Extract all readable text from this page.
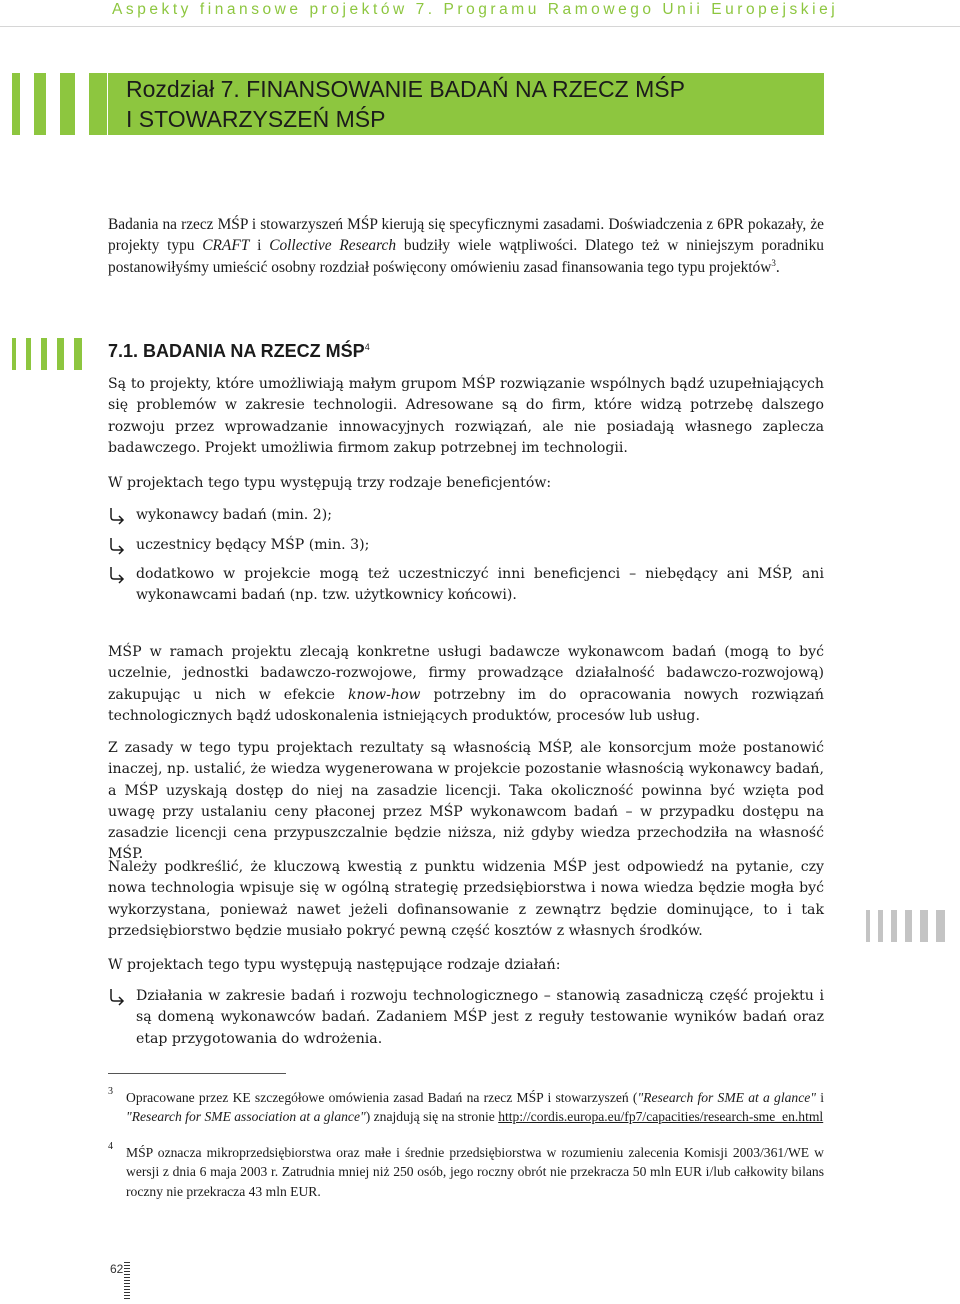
Aspekty finansowe projektów 7. Programu Ramowego Unii Europejskiej
Rozdział 7. FINANSOWANIE BADAŃ NA RZECZ MŚP
I STOWARZYSZEŃ MŚP

Badania na rzecz MŚP i stowarzyszeń MŚP kierują się specyficznymi zasadami. Doświadczenia z 6PR pokazały, że projekty typu CRAFT i Collective Research budziły wiele wątpliwości. Dlatego też w niniejszym poradniku postanowiłyśmy umieścić osobny rozdział poświęcony omówieniu zasad finansowania tego typu projektów$^3$.

7.1. BADANIA NA RZECZ MŚP$^4$

Są to projekty, które umożliwiają małym grupom MŚP rozwiązanie wspólnych bądź uzupełniających się problemów w zakresie technologii. Adresowane są do firm, które widzą potrzebę dalszego rozwoju przez wprowadzanie innowacyjnych rozwiązań, ale nie posiadają własnego zaplecza badawczego. Projekt umożliwia firmom zakup potrzebnej im technologii.

W projektach tego typu występują trzy rodzaje beneficjentów:

wykonawcy badań (min. 2);

uczestnicy będący MŚP (min. 3);

dodatkowo w projekcie mogą też uczestniczyć inni beneficjenci – niebędący ani MŚP, ani wykonawcami badań (np. tzw. użytkownicy końcowi).

MŚP w ramach projektu zlecają konkretne usługi badawcze wykonawcom badań (mogą to być uczelnie, jednostki badawczo-rozwojowe, firmy prowadzące działalność badawczo-rozwojową) zakupując u nich w efekcie know-how potrzebny im do opracowania nowych rozwiązań technologicznych bądź udoskonalenia istniejących produktów, procesów lub usług.

Z zasady w tego typu projektach rezultaty są własnością MŚP, ale konsorcjum może postanowić inaczej, np. ustalić, że wiedza wygenerowana w projekcie pozostanie własnością wykonawcy badań, a MŚP uzyskają dostęp do niej na zasadzie licencji. Taka okoliczność powinna być wzięta pod uwagę przy ustalaniu ceny płaconej przez MŚP wykonawcom badań – w przypadku dostępu na zasadzie licencji cena przypuszczalnie będzie niższa, niż gdyby wiedza przechodziła na własność MŚP.

Należy podkreślić, że kluczową kwestią z punktu widzenia MŚP jest odpowiedź na pytanie, czy nowa technologia wpisuje się w ogólną strategię przedsiębiorstwa i nowa wiedza będzie mogła być wykorzystana, ponieważ nawet jeżeli dofinansowanie z zewnątrz będzie dominujące, to i tak przedsiębiorstwo będzie musiało pokryć pewną część kosztów z własnych środków.

W projektach tego typu występują następujące rodzaje działań:

Działania w zakresie badań i rozwoju technologicznego – stanowią zasadniczą część projektu i są domeną wykonawców badań. Zadaniem MŚP jest z reguły testowanie wyników badań oraz etap przygotowania do wdrożenia.

3 Opracowane przez KE szczegółowe omówienia zasad Badań na rzecz MŚP i stowarzyszeń ("Research for SME at a glance" i "Research for SME association at a glance") znajdują się na stronie http://cordis.europa.eu/fp7/capacities/research-sme_en.html

4 MŚP oznacza mikroprzedsiębiorstwa oraz małe i średnie przedsiębiorstwa w rozumieniu zalecenia Komisji 2003/361/WE w wersji z dnia 6 maja 2003 r. Zatrudnia mniej niż 250 osób, jego roczny obrót nie przekracza 50 mln EUR i/lub całkowity bilans roczny nie przekracza 43 mln EUR.

62
